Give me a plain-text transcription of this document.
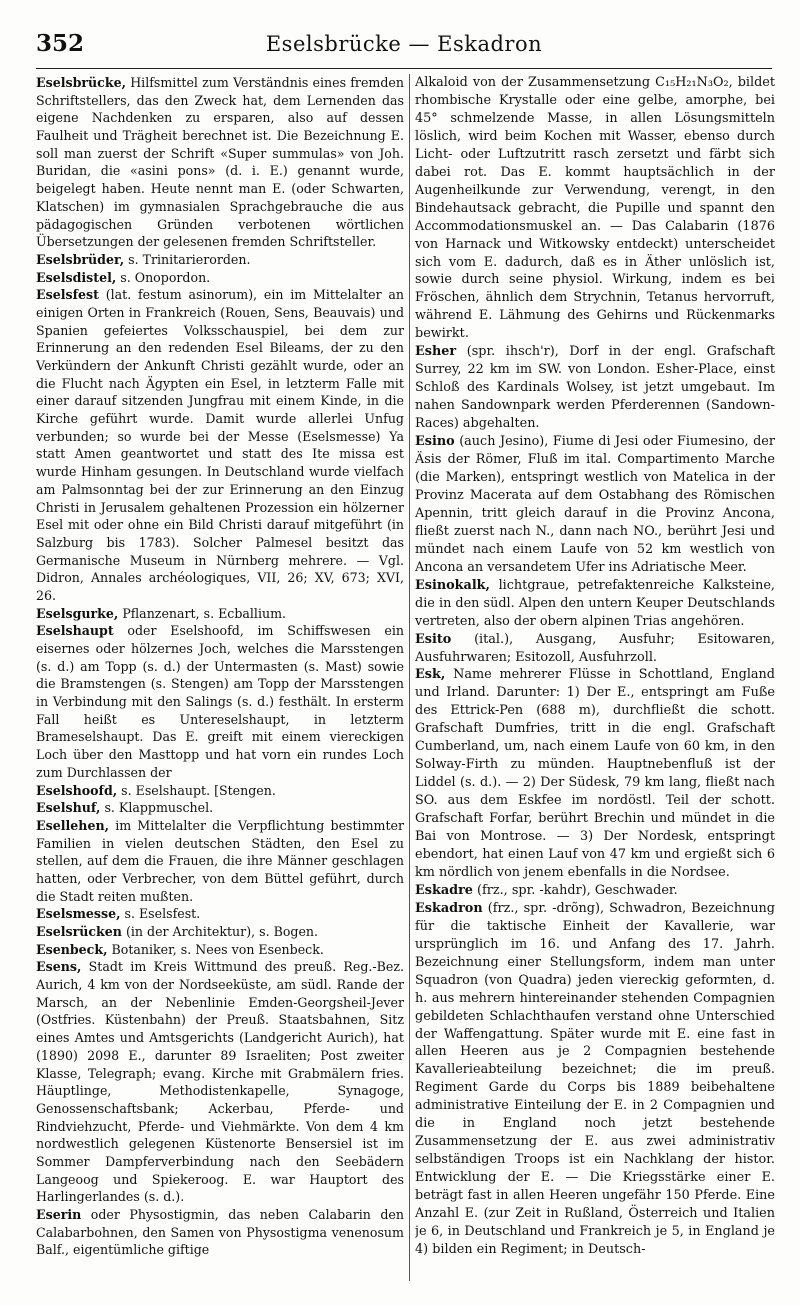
352	Eselsbrücke — Eskadron

Eselsbrücke, Hilfsmittel zum Verständnis eines fremden Schriftstellers, das den Zweck hat, dem Lernenden das eigene Nachdenken zu ersparen, also auf dessen Faulheit und Trägheit berechnet ist. Die Bezeichnung E. soll man zuerst der Schrift «Super summulas» von Joh. Buridan, die «asini pons» (d. i. E.) genannt wurde, beigelegt haben. Heute nennt man E. (oder Schwarten, Klatschen) im gymnasialen Sprachgebrauche die aus pädagogischen Gründen verbotenen wörtlichen Übersetzungen der gelesenen fremden Schriftsteller.

Eselsbrüder, s. Trinitarierorden.

Eselsdistel, s. Onopordon.

Eselsfest (lat. festum asinorum), ein im Mittelalter an einigen Orten in Frankreich (Rouen, Sens, Beauvais) und Spanien gefeiertes Volksschauspiel, bei dem zur Erinnerung an den redenden Esel Bileams, der zu den Verkündern der Ankunft Christi gezählt wurde, oder an die Flucht nach Ägypten ein Esel, in letzterm Falle mit einer darauf sitzenden Jungfrau mit einem Kinde, in die Kirche geführt wurde. Damit wurde allerlei Unfug verbunden; so wurde bei der Messe (Eselsmesse) Ya statt Amen geantwortet und statt des Ite missa est wurde Hinham gesungen. In Deutschland wurde vielfach am Palmsonntag bei der zur Erinnerung an den Einzug Christi in Jerusalem gehaltenen Prozession ein hölzerner Esel mit oder ohne ein Bild Christi darauf mitgeführt (in Salzburg bis 1783). Solcher Palmesel besitzt das Germanische Museum in Nürnberg mehrere. — Vgl. Didron, Annales archéologiques, VII, 26; XV, 673; XVI, 26.

Eselsgurke, Pflanzenart, s. Ecballium.

Eselshaupt oder Eselshoofd, im Schiffswesen ein eisernes oder hölzernes Joch, welches die Marsstengen (s. d.) am Topp (s. d.) der Untermasten (s. Mast) sowie die Bramstengen (s. Stengen) am Topp der Marsstengen in Verbindung mit den Salings (s. d.) festhält. In ersterm Fall heißt es Untereselshaupt, in letzterm Brameselshaupt. Das E. greift mit einem viereckigen Loch über den Masttopp und hat vorn ein rundes Loch zum Durchlassen der

Eselshoofd, s. Eselshaupt. [Stengen.

Eselshuf, s. Klappmuschel.

Esellehen, im Mittelalter die Verpflichtung bestimmter Familien in vielen deutschen Städten, den Esel zu stellen, auf dem die Frauen, die ihre Männer geschlagen hatten, oder Verbrecher, von dem Büttel geführt, durch die Stadt reiten mußten.

Eselsmesse, s. Eselsfest.

Eselsrücken (in der Architektur), s. Bogen.

Esenbeck, Botaniker, s. Nees von Esenbeck.

Esens, Stadt im Kreis Wittmund des preuß. Reg.-Bez. Aurich, 4 km von der Nordseeküste, am südl. Rande der Marsch, an der Nebenlinie Emden-Georgsheil-Jever (Ostfries. Küstenbahn) der Preuß. Staatsbahnen, Sitz eines Amtes und Amtsgerichts (Landgericht Aurich), hat (1890) 2098 E., darunter 89 Israeliten; Post zweiter Klasse, Telegraph; evang. Kirche mit Grabmälern fries. Häuptlinge, Methodistenkapelle, Synagoge, Genossenschaftsbank; Ackerbau, Pferde- und Rindviehzucht, Pferde- und Viehmärkte. Von dem 4 km nordwestlich gelegenen Küstenorte Bensersiel ist im Sommer Dampferverbindung nach den Seebädern Langeoog und Spiekeroog. E. war Hauptort des Harlingerlandes (s. d.).

Eserin oder Physostigmin, das neben Calabarin den Calabarbohnen, den Samen von Physostigma venenosum Balf., eigentümliche giftige

Alkaloid von der Zusammensetzung C₁₅H₂₁N₃O₂, bildet rhombische Krystalle oder eine gelbe, amorphe, bei 45° schmelzende Masse, in allen Lösungsmitteln löslich, wird beim Kochen mit Wasser, ebenso durch Licht- oder Luftzutritt rasch zersetzt und färbt sich dabei rot. Das E. kommt hauptsächlich in der Augenheilkunde zur Verwendung, verengt, in den Bindehautsack gebracht, die Pupille und spannt den Accommodationsmuskel an. — Das Calabarin (1876 von Harnack und Witkowsky entdeckt) unterscheidet sich vom E. dadurch, daß es in Äther unlöslich ist, sowie durch seine physiol. Wirkung, indem es bei Fröschen, ähnlich dem Strychnin, Tetanus hervorruft, während E. Lähmung des Gehirns und Rückenmarks bewirkt.

Esher (spr. ihsch'r), Dorf in der engl. Grafschaft Surrey, 22 km im SW. von London. Esher-Place, einst Schloß des Kardinals Wolsey, ist jetzt umgebaut. Im nahen Sandownpark werden Pferderennen (Sandown-Races) abgehalten.

Esino (auch Jesino), Fiume di Jesi oder Fiumesino, der Äsis der Römer, Fluß im ital. Compartimento Marche (die Marken), entspringt westlich von Matelica in der Provinz Macerata auf dem Ostabhang des Römischen Apennin, tritt gleich darauf in die Provinz Ancona, fließt zuerst nach N., dann nach NO., berührt Jesi und mündet nach einem Laufe von 52 km westlich von Ancona an versandetem Ufer ins Adriatische Meer.

Esinokalk, lichtgraue, petrefaktenreiche Kalksteine, die in den südl. Alpen den untern Keuper Deutschlands vertreten, also der obern alpinen Trias angehören.

Esito (ital.), Ausgang, Ausfuhr; Esitowaren, Ausfuhrwaren; Esitozoll, Ausfuhrzoll.

Esk, Name mehrerer Flüsse in Schottland, England und Irland. Darunter: 1) Der E., entspringt am Fuße des Ettrick-Pen (688 m), durchfließt die schott. Grafschaft Dumfries, tritt in die engl. Grafschaft Cumberland, um, nach einem Laufe von 60 km, in den Solway-Firth zu münden. Hauptnebenfluß ist der Liddel (s. d.). — 2) Der Südesk, 79 km lang, fließt nach SO. aus dem Eskfee im nordöstl. Teil der schott. Grafschaft Forfar, berührt Brechin und mündet in die Bai von Montrose. — 3) Der Nordesk, entspringt ebendort, hat einen Lauf von 47 km und ergießt sich 6 km nördlich von jenem ebenfalls in die Nordsee.

Eskadre (frz., spr. -kahdr), Geschwader.

Eskadron (frz., spr. -drõng), Schwadron, Bezeichnung für die taktische Einheit der Kavallerie, war ursprünglich im 16. und Anfang des 17. Jahrh. Bezeichnung einer Stellungsform, indem man unter Squadron (von Quadra) jeden viereckig geformten, d. h. aus mehrern hintereinander stehenden Compagnien gebildeten Schlachthaufen verstand ohne Unterschied der Waffengattung. Später wurde mit E. eine fast in allen Heeren aus je 2 Compagnien bestehende Kavallerieabteilung bezeichnet; die im preuß. Regiment Garde du Corps bis 1889 beibehaltene administrative Einteilung der E. in 2 Compagnien und die in England noch jetzt bestehende Zusammensetzung der E. aus zwei administrativ selbständigen Troops ist ein Nachklang der histor. Entwicklung der E. — Die Kriegsstärke einer E. beträgt fast in allen Heeren ungefähr 150 Pferde. Eine Anzahl E. (zur Zeit in Rußland, Österreich und Italien je 6, in Deutschland und Frankreich je 5, in England je 4) bilden ein Regiment; in Deutsch-
